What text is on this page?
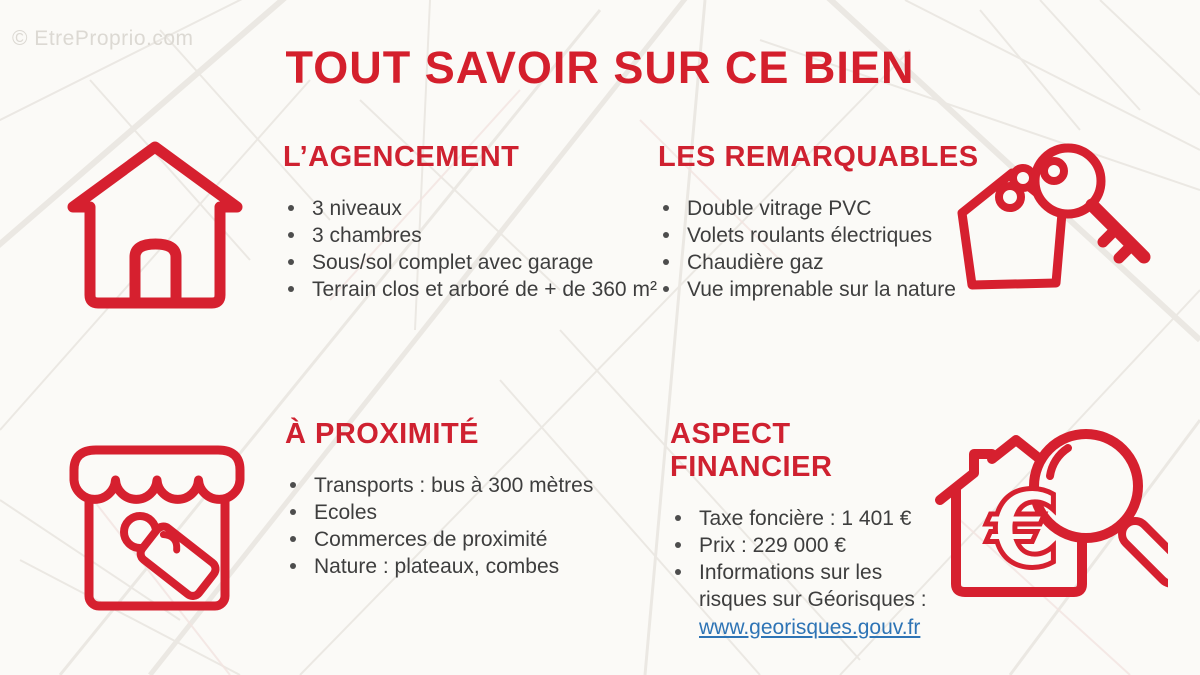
© EtreProprio.com
TOUT SAVOIR SUR CE BIEN
L’AGENCEMENT
3 niveaux
3 chambres
Sous/sol complet avec garage
Terrain clos et arboré de + de 360 m²
LES REMARQUABLES
Double vitrage PVC
Volets roulants électriques
Chaudière gaz
Vue imprenable sur la nature
À PROXIMITÉ
Transports : bus à 300 mètres
Ecoles
Commerces de proximité
Nature : plateaux, combes	€
ASPECT FINANCIER
Taxe foncière : 1 401 €
Prix : 229 000 €
Informations sur les risques sur Géorisques :
www.georisques.gouv.fr
